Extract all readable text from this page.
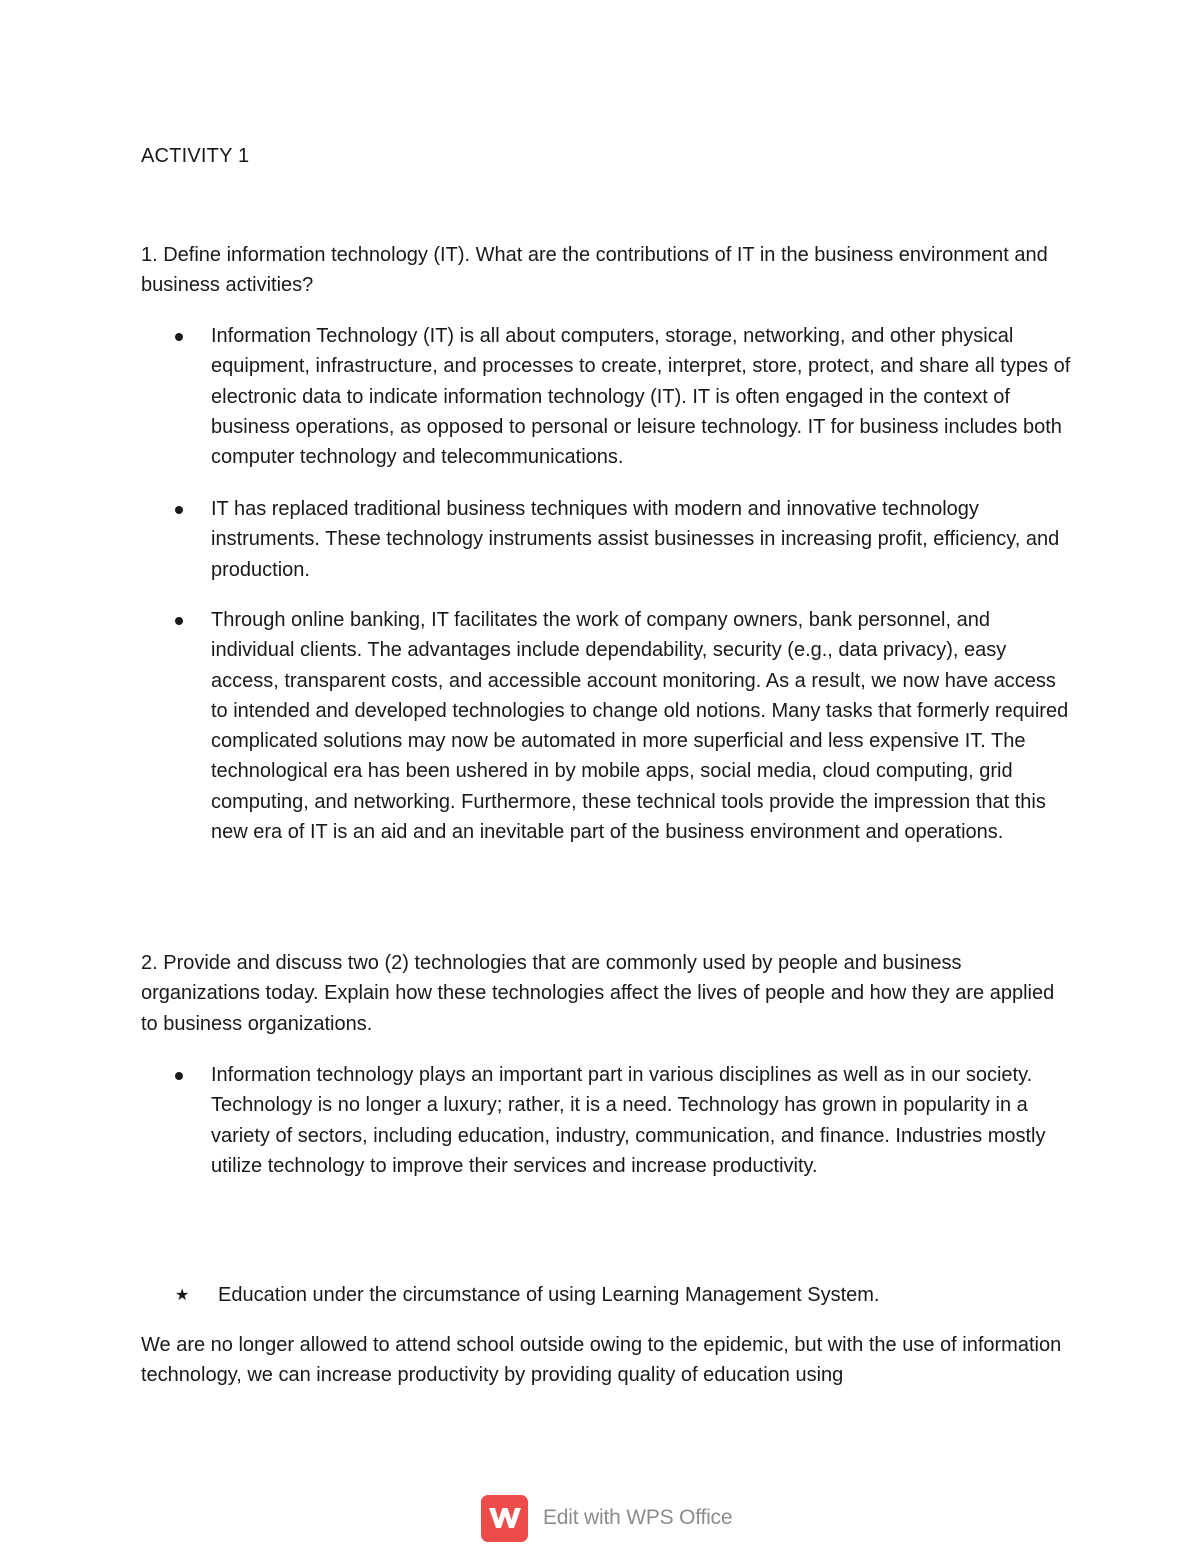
ACTIVITY 1

1. Define information technology (IT). What are the contributions of IT in the business environment and business activities?

Information Technology (IT) is all about computers, storage, networking, and other physical equipment, infrastructure, and processes to create, interpret, store, protect, and share all types of electronic data to indicate information technology (IT). IT is often engaged in the context of business operations, as opposed to personal or leisure technology. IT for business includes both computer technology and telecommunications.
IT has replaced traditional business techniques with modern and innovative technology instruments. These technology instruments assist businesses in increasing profit, efficiency, and production.
Through online banking, IT facilitates the work of company owners, bank personnel, and individual clients. The advantages include dependability, security (e.g., data privacy), easy access, transparent costs, and accessible account monitoring. As a result, we now have access to intended and developed technologies to change old notions. Many tasks that formerly required complicated solutions may now be automated in more superficial and less expensive IT. The technological era has been ushered in by mobile apps, social media, cloud computing, grid computing, and networking. Furthermore, these technical tools provide the impression that this new era of IT is an aid and an inevitable part of the business environment and operations.

2. Provide and discuss two (2) technologies that are commonly used by people and business organizations today. Explain how these technologies affect the lives of people and how they are applied to business organizations.

Information technology plays an important part in various disciplines as well as in our society. Technology is no longer a luxury; rather, it is a need. Technology has grown in popularity in a variety of sectors, including education, industry, communication, and finance. Industries mostly utilize technology to improve their services and increase productivity.
★ Education under the circumstance of using Learning Management System.

We are no longer allowed to attend school outside owing to the epidemic, but with the use of information technology, we can increase productivity by providing quality of education using

Edit with WPS Office
